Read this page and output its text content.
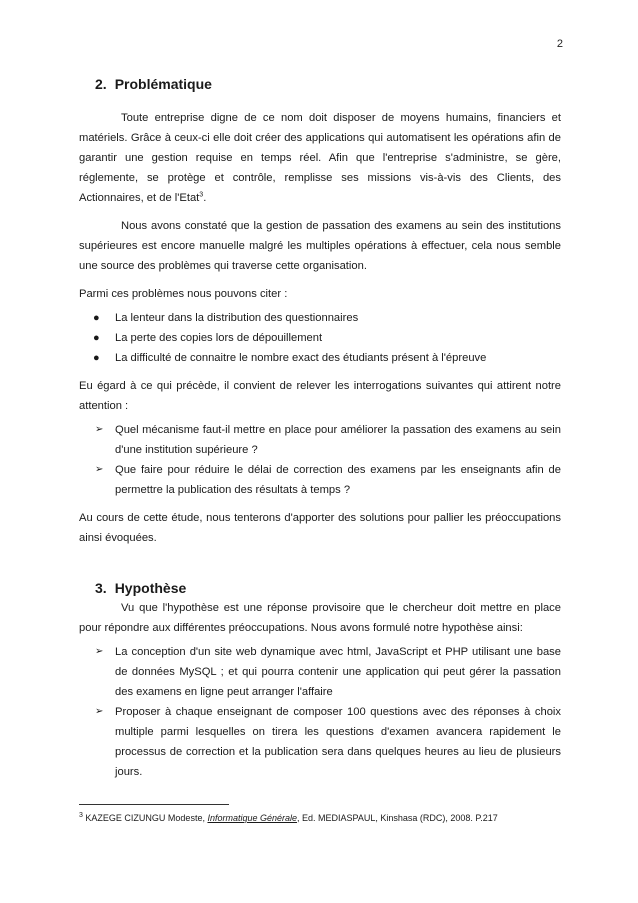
2
2. Problématique

Toute entreprise digne de ce nom doit disposer de moyens humains, financiers et matériels. Grâce à ceux-ci elle doit créer des applications qui automatisent les opérations afin de garantir une gestion requise en temps réel. Afin que l'entreprise s'administre, se gère, réglemente, se protège et contrôle, remplisse ses missions vis-à-vis des Clients, des Actionnaires, et de l'Etat$^3$.

Nous avons constaté que la gestion de passation des examens au sein des institutions supérieures est encore manuelle malgré les multiples opérations à effectuer, cela nous semble une source des problèmes qui traverse cette organisation.

Parmi ces problèmes nous pouvons citer :

● La lenteur dans la distribution des questionnaires
● La perte des copies lors de dépouillement
● La difficulté de connaitre le nombre exact des étudiants présent à l'épreuve

Eu égard à ce qui précède, il convient de relever les interrogations suivantes qui attirent notre attention :

➢ Quel mécanisme faut-il mettre en place pour améliorer la passation des examens au sein d'une institution supérieure ?
➢ Que faire pour réduire le délai de correction des examens par les enseignants afin de permettre la publication des résultats à temps ?

Au cours de cette étude, nous tenterons d'apporter des solutions pour pallier les préoccupations ainsi évoquées.

3. Hypothèse

Vu que l'hypothèse est une réponse provisoire que le chercheur doit mettre en place pour répondre aux différentes préoccupations. Nous avons formulé notre hypothèse ainsi:

➢ La conception d'un site web dynamique avec html, JavaScript et PHP utilisant une base de données MySQL ; et qui pourra contenir une application qui peut gérer la passation des examens en ligne peut arranger l'affaire
➢ Proposer à chaque enseignant de composer 100 questions avec des réponses à choix multiple parmi lesquelles on tirera les questions d'examen avancera rapidement le processus de correction et la publication sera dans quelques heures au lieu de plusieurs jours.
$^3$ KAZEGE CIZUNGU Modeste, Informatique Générale, Ed. MEDIASPAUL, Kinshasa (RDC), 2008. P.217
